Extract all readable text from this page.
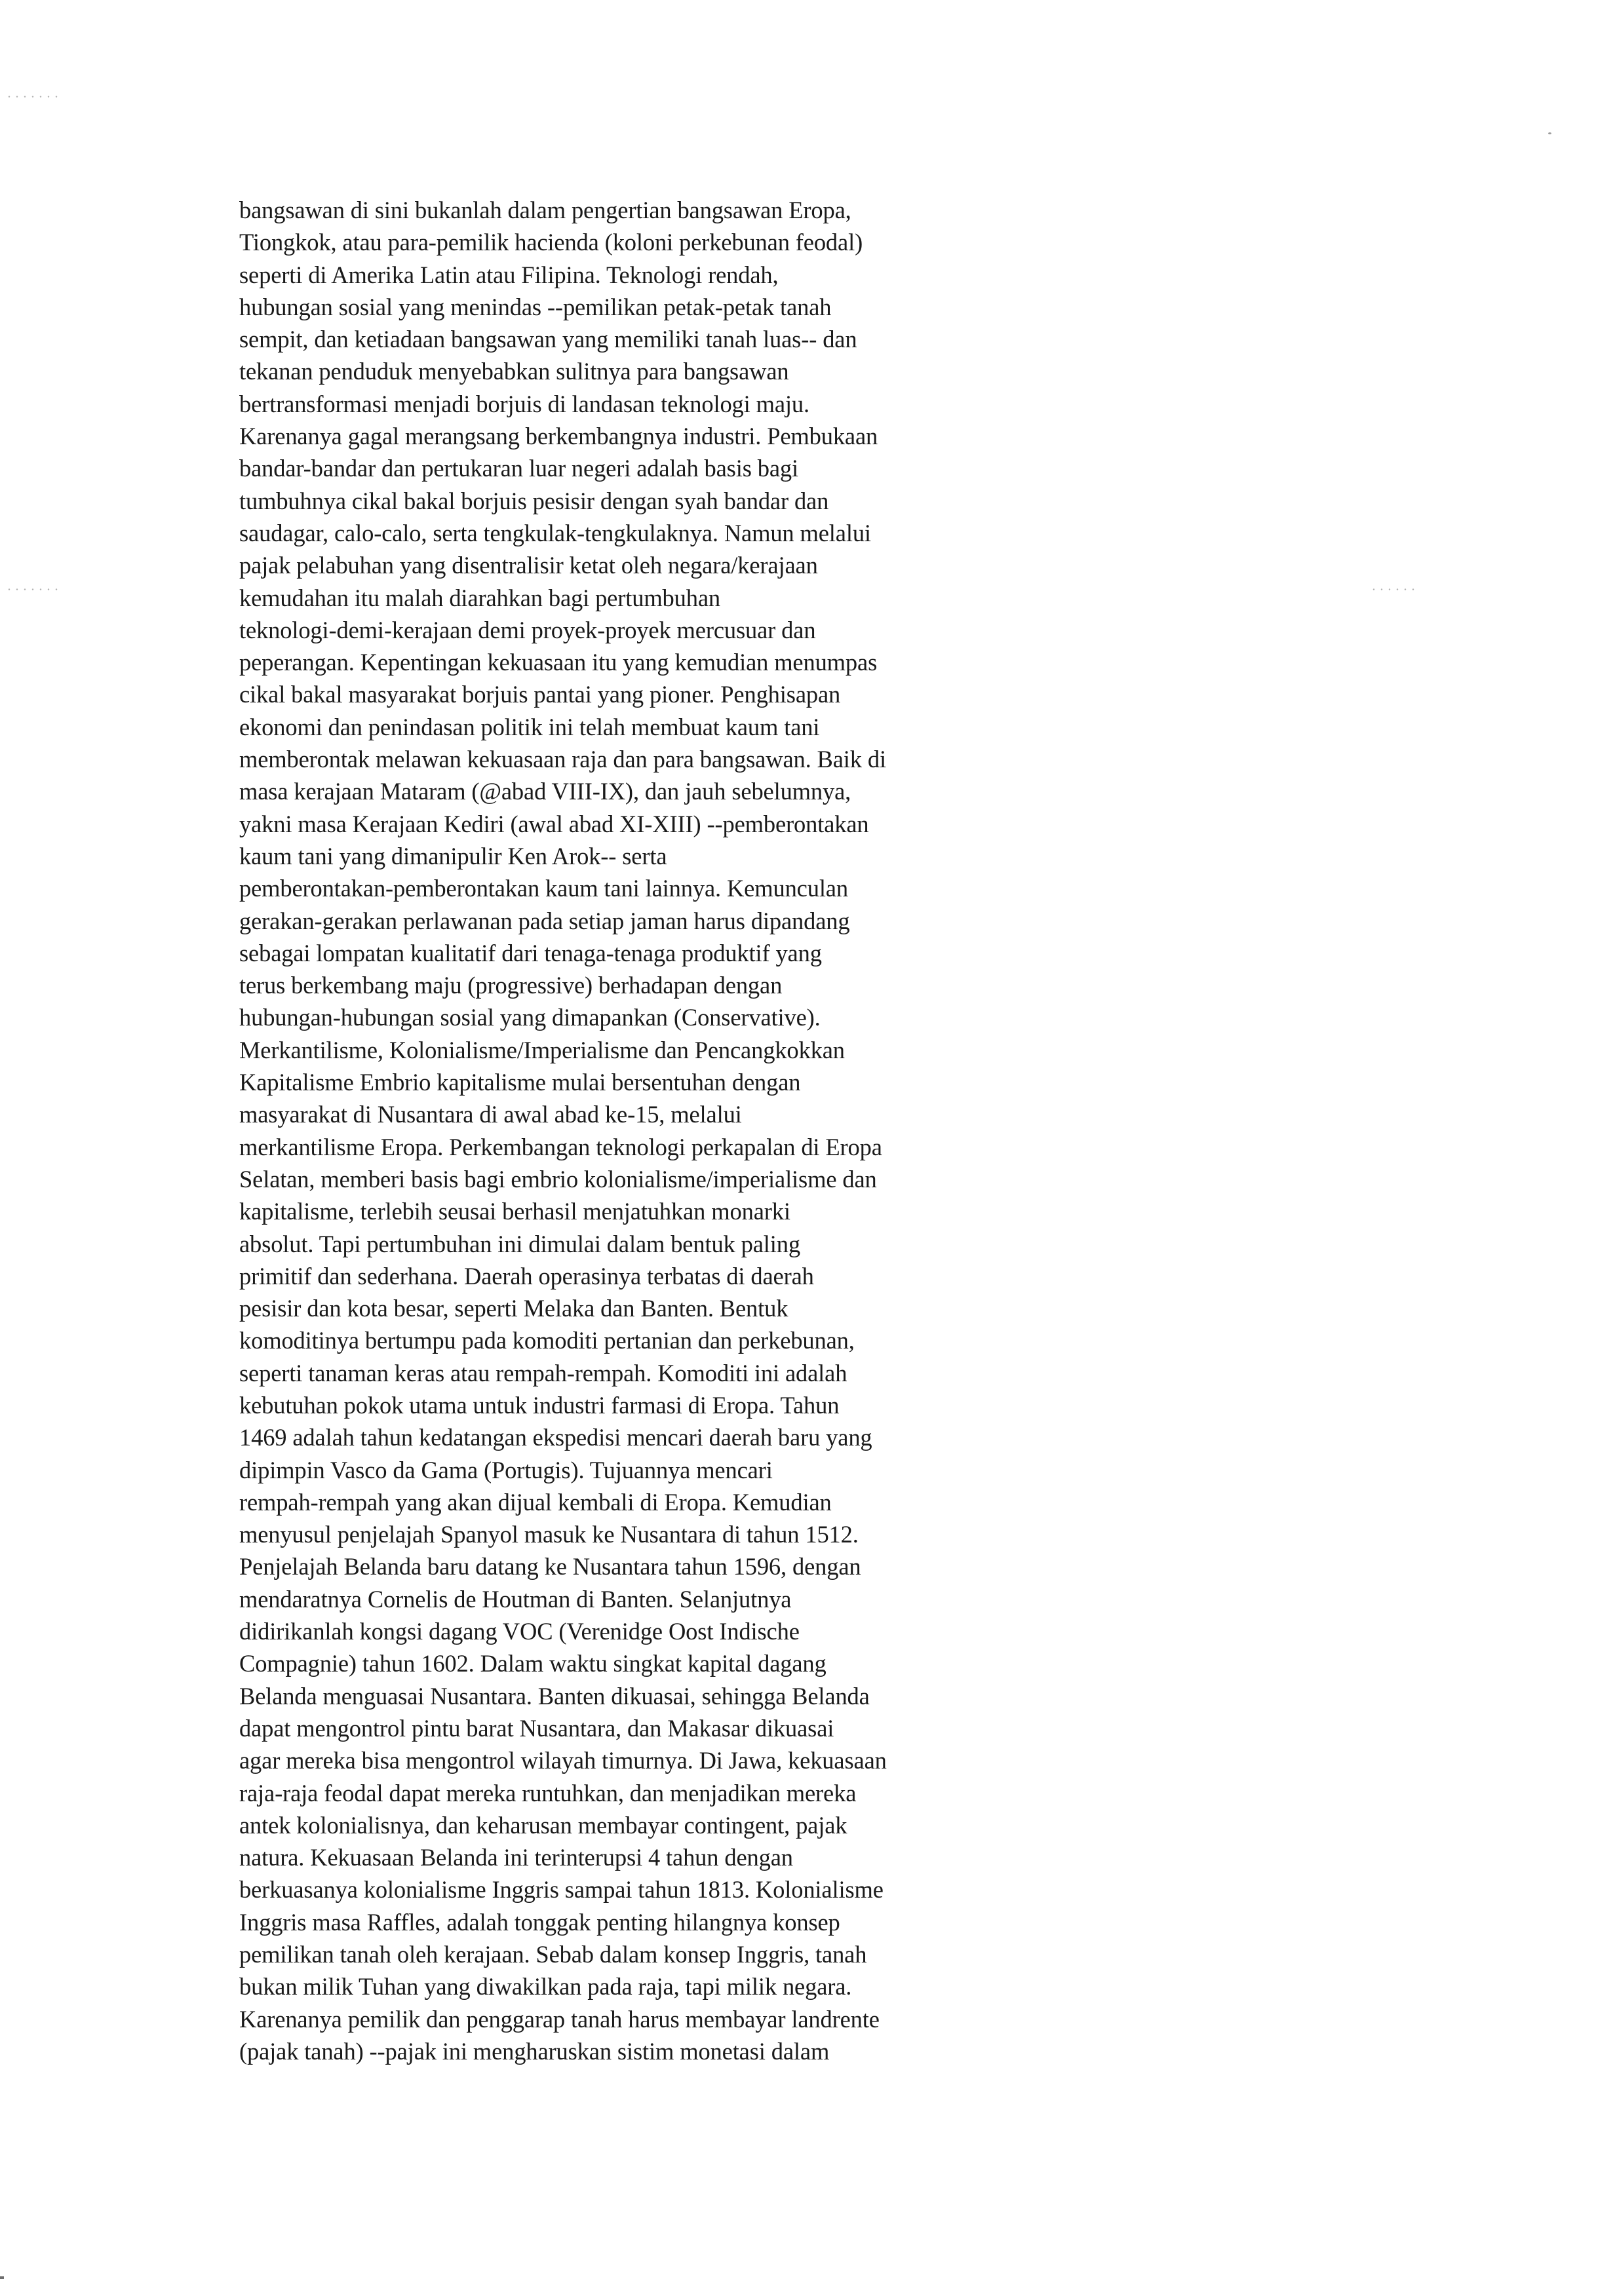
bangsawan di sini bukanlah dalam pengertian bangsawan Eropa,
Tiongkok, atau para-pemilik hacienda (koloni perkebunan feodal)
seperti di Amerika Latin atau Filipina. Teknologi rendah,
hubungan sosial yang menindas --pemilikan petak-petak tanah
sempit, dan ketiadaan bangsawan yang memiliki tanah luas-- dan
tekanan penduduk menyebabkan sulitnya para bangsawan
bertransformasi menjadi borjuis di landasan teknologi maju.
Karenanya gagal merangsang berkembangnya industri. Pembukaan
bandar-bandar dan pertukaran luar negeri adalah basis bagi
tumbuhnya cikal bakal borjuis pesisir dengan syah bandar dan
saudagar, calo-calo, serta tengkulak-tengkulaknya. Namun melalui
pajak pelabuhan yang disentralisir ketat oleh negara/kerajaan
kemudahan itu malah diarahkan bagi pertumbuhan
teknologi-demi-kerajaan demi proyek-proyek mercusuar dan
peperangan. Kepentingan kekuasaan itu yang kemudian menumpas
cikal bakal masyarakat borjuis pantai yang pioner. Penghisapan
ekonomi dan penindasan politik ini telah membuat kaum tani
memberontak melawan kekuasaan raja dan para bangsawan. Baik di
masa kerajaan Mataram (@abad VIII-IX), dan jauh sebelumnya,
yakni masa Kerajaan Kediri (awal abad XI-XIII) --pemberontakan
kaum tani yang dimanipulir Ken Arok-- serta
pemberontakan-pemberontakan kaum tani lainnya. Kemunculan
gerakan-gerakan perlawanan pada setiap jaman harus dipandang
sebagai lompatan kualitatif dari tenaga-tenaga produktif yang
terus berkembang maju (progressive) berhadapan dengan
hubungan-hubungan sosial yang dimapankan (Conservative).
Merkantilisme, Kolonialisme/Imperialisme dan Pencangkokkan
Kapitalisme Embrio kapitalisme mulai bersentuhan dengan
masyarakat di Nusantara di awal abad ke-15, melalui
merkantilisme Eropa. Perkembangan teknologi perkapalan di Eropa
Selatan, memberi basis bagi embrio kolonialisme/imperialisme dan
kapitalisme, terlebih seusai berhasil menjatuhkan monarki
absolut. Tapi pertumbuhan ini dimulai dalam bentuk paling
primitif dan sederhana. Daerah operasinya terbatas di daerah
pesisir dan kota besar, seperti Melaka dan Banten. Bentuk
komoditinya bertumpu pada komoditi pertanian dan perkebunan,
seperti tanaman keras atau rempah-rempah. Komoditi ini adalah
kebutuhan pokok utama untuk industri farmasi di Eropa. Tahun
1469 adalah tahun kedatangan ekspedisi mencari daerah baru yang
dipimpin Vasco da Gama (Portugis). Tujuannya mencari
rempah-rempah yang akan dijual kembali di Eropa. Kemudian
menyusul penjelajah Spanyol masuk ke Nusantara di tahun 1512.
Penjelajah Belanda baru datang ke Nusantara tahun 1596, dengan
mendaratnya Cornelis de Houtman di Banten. Selanjutnya
didirikanlah kongsi dagang VOC (Verenidge Oost Indische
Compagnie) tahun 1602. Dalam waktu singkat kapital dagang
Belanda menguasai Nusantara. Banten dikuasai, sehingga Belanda
dapat mengontrol pintu barat Nusantara, dan Makasar dikuasai
agar mereka bisa mengontrol wilayah timurnya. Di Jawa, kekuasaan
raja-raja feodal dapat mereka runtuhkan, dan menjadikan mereka
antek kolonialisnya, dan keharusan membayar contingent, pajak
natura. Kekuasaan Belanda ini terinterupsi 4 tahun dengan
berkuasanya kolonialisme Inggris sampai tahun 1813. Kolonialisme
Inggris masa Raffles, adalah tonggak penting hilangnya konsep
pemilikan tanah oleh kerajaan. Sebab dalam konsep Inggris, tanah
bukan milik Tuhan yang diwakilkan pada raja, tapi milik negara.
Karenanya pemilik dan penggarap tanah harus membayar landrente
(pajak tanah) --pajak ini mengharuskan sistim monetasi dalam
